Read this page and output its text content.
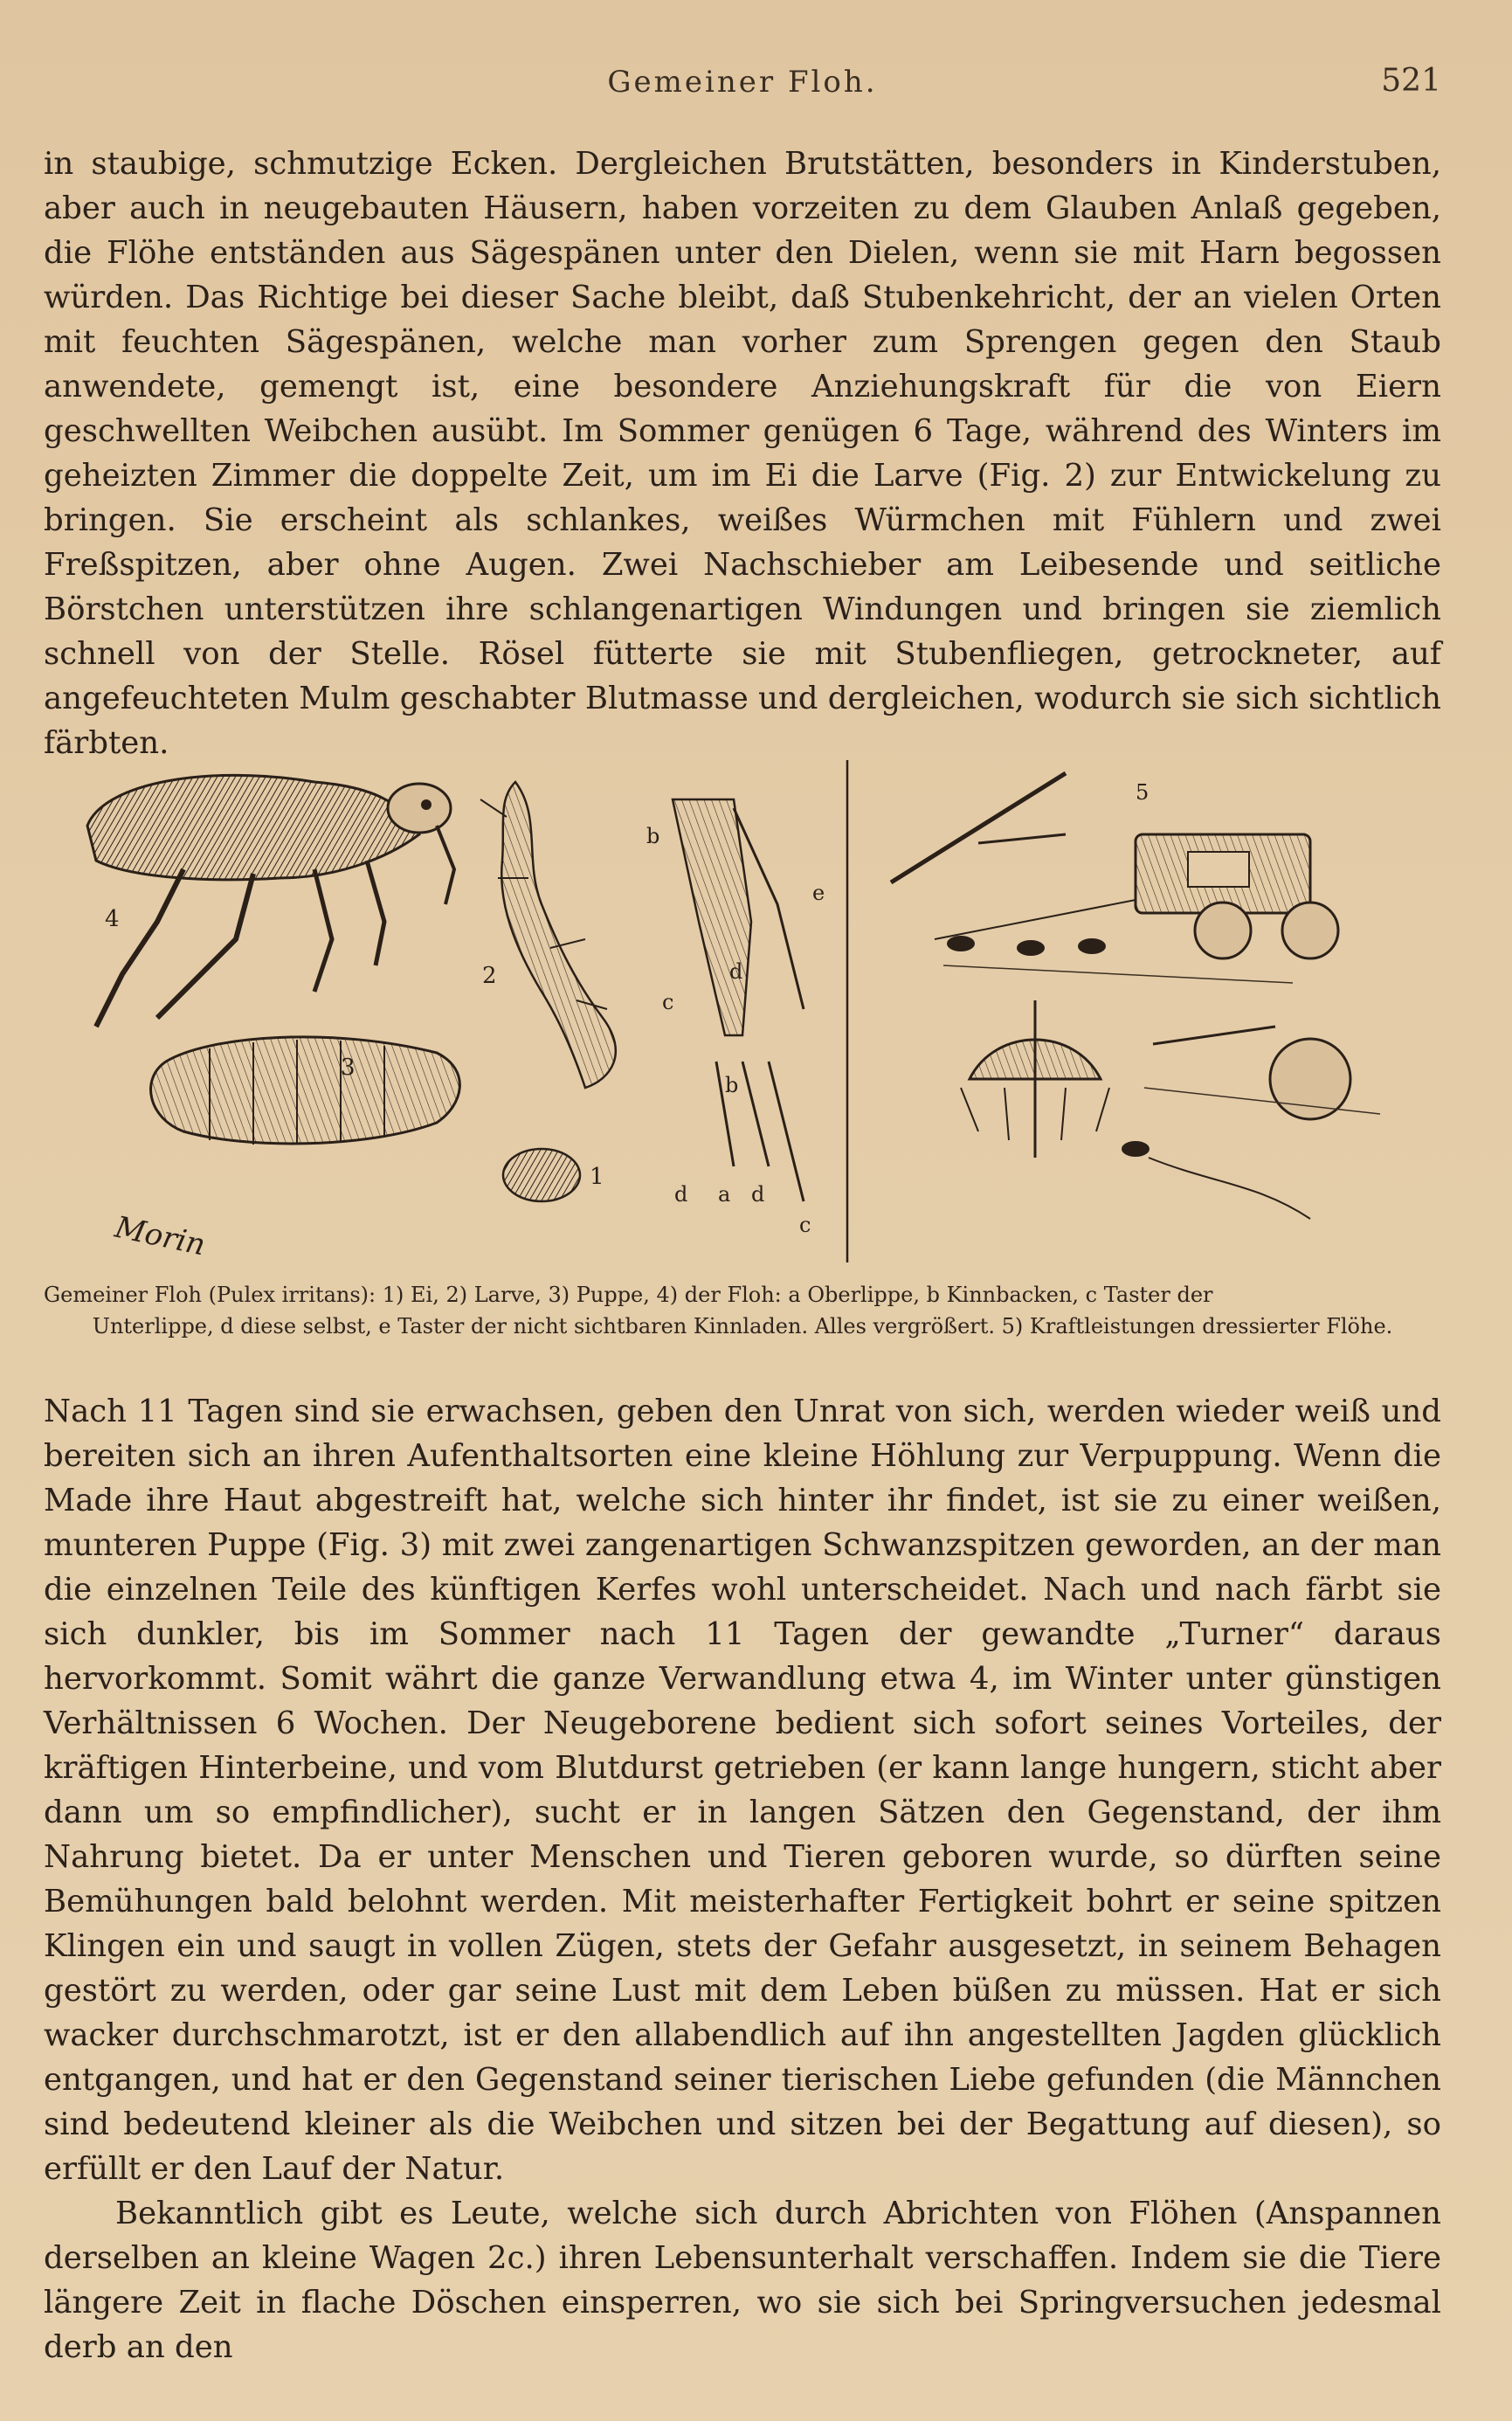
Gemeiner Floh.	521

in staubige, schmutzige Ecken. Dergleichen Brutstätten, besonders in Kinderstuben, aber auch in neugebauten Häusern, haben vorzeiten zu dem Glauben Anlaß gegeben, die Flöhe entständen aus Sägespänen unter den Dielen, wenn sie mit Harn begossen würden. Das Richtige bei dieser Sache bleibt, daß Stubenkehricht, der an vielen Orten mit feuchten Sägespänen, welche man vorher zum Sprengen gegen den Staub anwendete, gemengt ist, eine besondere Anziehungskraft für die von Eiern geschwellten Weibchen ausübt. Im Sommer genügen 6 Tage, während des Winters im geheizten Zimmer die doppelte Zeit, um im Ei die Larve (Fig. 2) zur Entwickelung zu bringen. Sie erscheint als schlankes, weißes Würmchen mit Fühlern und zwei Freßspitzen, aber ohne Augen. Zwei Nachschieber am Leibesende und seitliche Börstchen unterstützen ihre schlangenartigen Windungen und bringen sie ziemlich schnell von der Stelle. Rösel fütterte sie mit Stubenfliegen, getrockneter, auf angefeuchteten Mulm geschabter Blutmasse und dergleichen, wodurch sie sich sichtlich färbten.

4
2
3
1
Morin
b
e
d
c
b
d a d
c
5
Gemeiner Floh (Pulex irritans): 1) Ei, 2) Larve, 3) Puppe, 4) der Floh: a Oberlippe, b Kinnbacken, c Taster der
Unterlippe, d diese selbst, e Taster der nicht sichtbaren Kinnladen. Alles vergrößert. 5) Kraftleistungen dressierter Flöhe.

Nach 11 Tagen sind sie erwachsen, geben den Unrat von sich, werden wieder weiß und bereiten sich an ihren Aufenthaltsorten eine kleine Höhlung zur Verpuppung. Wenn die Made ihre Haut abgestreift hat, welche sich hinter ihr findet, ist sie zu einer weißen, munteren Puppe (Fig. 3) mit zwei zangenartigen Schwanzspitzen geworden, an der man die einzelnen Teile des künftigen Kerfes wohl unterscheidet. Nach und nach färbt sie sich dunkler, bis im Sommer nach 11 Tagen der gewandte „Turner“ daraus hervorkommt. Somit währt die ganze Verwandlung etwa 4, im Winter unter günstigen Verhältnissen 6 Wochen. Der Neugeborene bedient sich sofort seines Vorteiles, der kräftigen Hinterbeine, und vom Blutdurst getrieben (er kann lange hungern, sticht aber dann um so empfindlicher), sucht er in langen Sätzen den Gegenstand, der ihm Nahrung bietet. Da er unter Menschen und Tieren geboren wurde, so dürften seine Bemühungen bald belohnt werden. Mit meisterhafter Fertigkeit bohrt er seine spitzen Klingen ein und saugt in vollen Zügen, stets der Gefahr ausgesetzt, in seinem Behagen gestört zu werden, oder gar seine Lust mit dem Leben büßen zu müssen. Hat er sich wacker durchschmarotzt, ist er den allabendlich auf ihn angestellten Jagden glücklich entgangen, und hat er den Gegenstand seiner tierischen Liebe gefunden (die Männchen sind bedeutend kleiner als die Weibchen und sitzen bei der Begattung auf diesen), so erfüllt er den Lauf der Natur.

Bekanntlich gibt es Leute, welche sich durch Abrichten von Flöhen (Anspannen derselben an kleine Wagen 2c.) ihren Lebensunterhalt verschaffen. Indem sie die Tiere längere Zeit in flache Döschen einsperren, wo sie sich bei Springversuchen jedesmal derb an den
